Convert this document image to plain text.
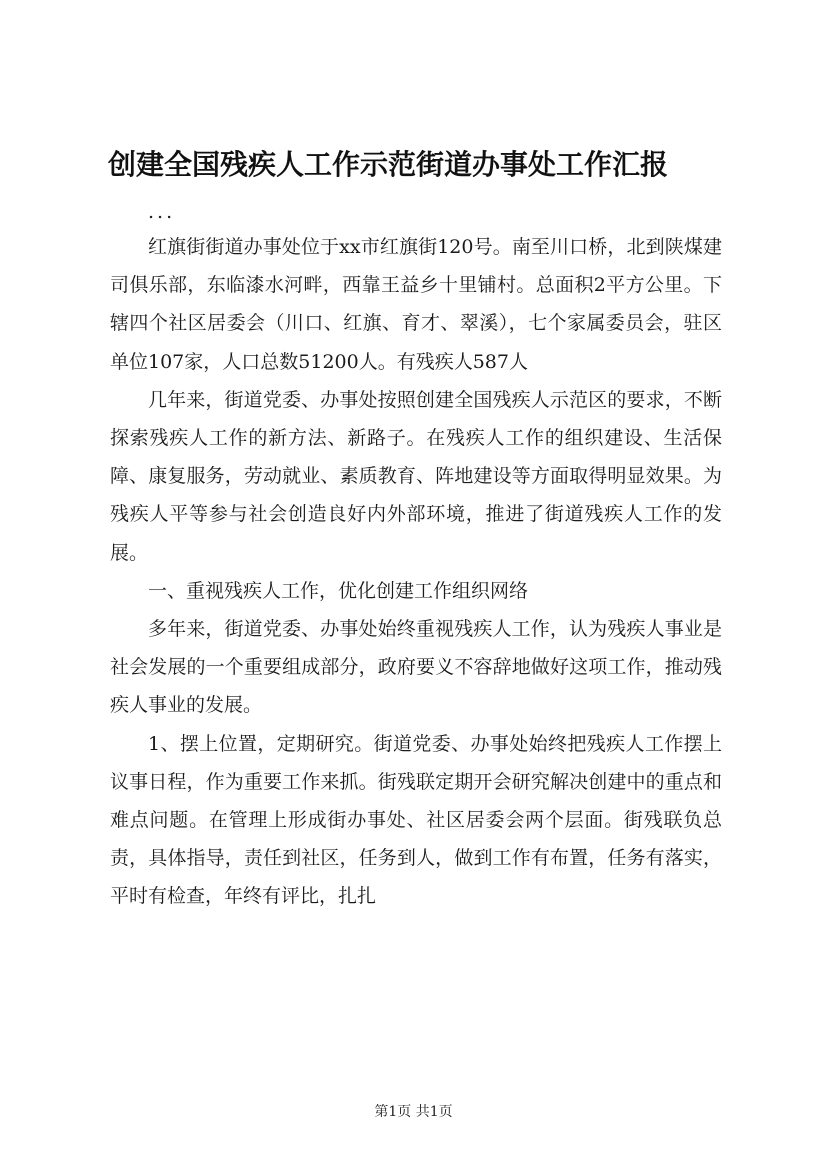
创建全国残疾人工作示范街道办事处工作汇报

...

红旗街街道办事处位于xx市红旗街120号。南至川口桥，北到陕煤建司俱乐部，东临漆水河畔，西靠王益乡十里铺村。总面积2平方公里。下辖四个社区居委会（川口、红旗、育才、翠溪），七个家属委员会，驻区单位107家，人口总数51200人。有残疾人587人

几年来，街道党委、办事处按照创建全国残疾人示范区的要求，不断探索残疾人工作的新方法、新路子。在残疾人工作的组织建设、生活保障、康复服务，劳动就业、素质教育、阵地建设等方面取得明显效果。为残疾人平等参与社会创造良好内外部环境，推进了街道残疾人工作的发展。

一、重视残疾人工作，优化创建工作组织网络

多年来，街道党委、办事处始终重视残疾人工作，认为残疾人事业是社会发展的一个重要组成部分，政府要义不容辞地做好这项工作，推动残疾人事业的发展。

1、摆上位置，定期研究。街道党委、办事处始终把残疾人工作摆上议事日程，作为重要工作来抓。街残联定期开会研究解决创建中的重点和难点问题。在管理上形成街办事处、社区居委会两个层面。街残联负总责，具体指导，责任到社区，任务到人，做到工作有布置，任务有落实，平时有检查，年终有评比，扎扎

第1页 共1页
